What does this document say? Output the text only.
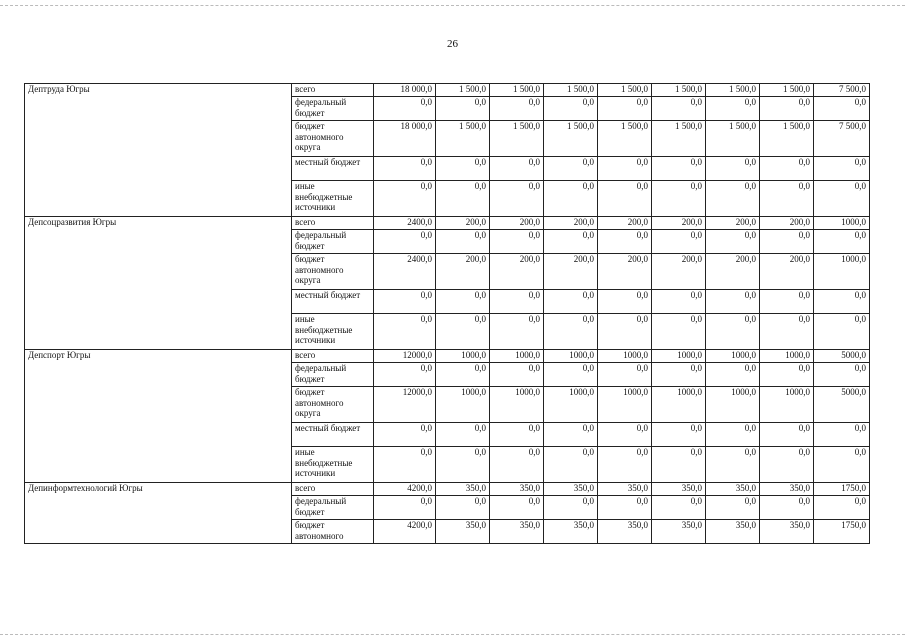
26
Дептруда Югры	всего	18 000,0	1 500,0	1 500,0	1 500,0	1 500,0	1 500,0	1 500,0	1 500,0	7 500,0
	федеральный бюджет	0,0	0,0	0,0	0,0	0,0	0,0	0,0	0,0	0,0
	бюджет автономного округа	18 000,0	1 500,0	1 500,0	1 500,0	1 500,0	1 500,0	1 500,0	1 500,0	7 500,0
	местный бюджет	0,0	0,0	0,0	0,0	0,0	0,0	0,0	0,0	0,0
	иные внебюджетные источники	0,0	0,0	0,0	0,0	0,0	0,0	0,0	0,0	0,0
Депсоцразвития Югры	всего	2400,0	200,0	200,0	200,0	200,0	200,0	200,0	200,0	1000,0
	федеральный бюджет	0,0	0,0	0,0	0,0	0,0	0,0	0,0	0,0	0,0
	бюджет автономного округа	2400,0	200,0	200,0	200,0	200,0	200,0	200,0	200,0	1000,0
	местный бюджет	0,0	0,0	0,0	0,0	0,0	0,0	0,0	0,0	0,0
	иные внебюджетные источники	0,0	0,0	0,0	0,0	0,0	0,0	0,0	0,0	0,0
Депспорт Югры	всего	12000,0	1000,0	1000,0	1000,0	1000,0	1000,0	1000,0	1000,0	5000,0
	федеральный бюджет	0,0	0,0	0,0	0,0	0,0	0,0	0,0	0,0	0,0
	бюджет автономного округа	12000,0	1000,0	1000,0	1000,0	1000,0	1000,0	1000,0	1000,0	5000,0
	местный бюджет	0,0	0,0	0,0	0,0	0,0	0,0	0,0	0,0	0,0
	иные внебюджетные источники	0,0	0,0	0,0	0,0	0,0	0,0	0,0	0,0	0,0
Депинформтехнологий Югры	всего	4200,0	350,0	350,0	350,0	350,0	350,0	350,0	350,0	1750,0
	федеральный бюджет	0,0	0,0	0,0	0,0	0,0	0,0	0,0	0,0	0,0
	бюджет автономного	4200,0	350,0	350,0	350,0	350,0	350,0	350,0	350,0	1750,0
